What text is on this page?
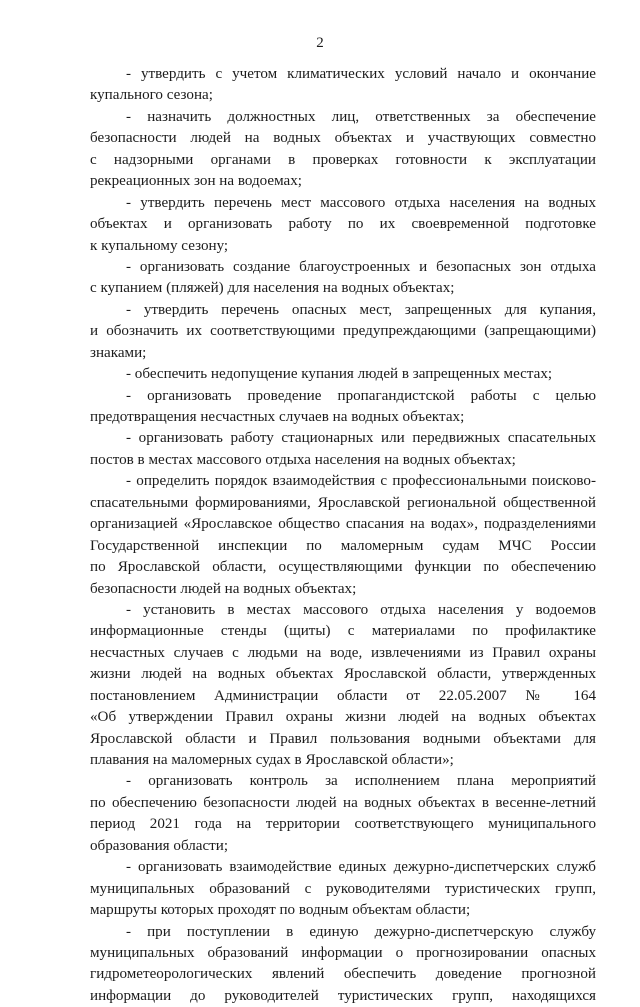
2
- утвердить с учетом климатических условий начало и окончание
купального сезона;
- назначить должностных лиц, ответственных за обеспечение
безопасности людей на водных объектах и участвующих совместно
с надзорными органами в проверках готовности к эксплуатации
рекреационных зон на водоемах;
- утвердить перечень мест массового отдыха населения на водных
объектах и организовать работу по их своевременной подготовке
к купальному сезону;
- организовать создание благоустроенных и безопасных зон отдыха
с купанием (пляжей) для населения на водных объектах;
- утвердить перечень опасных мест, запрещенных для купания,
и обозначить их соответствующими предупреждающими (запрещающими)
знаками;
- обеспечить недопущение купания людей в запрещенных местах;
- организовать проведение пропагандистской работы с целью
предотвращения несчастных случаев на водных объектах;
- организовать работу стационарных или передвижных спасательных
постов в местах массового отдыха населения на водных объектах;
- определить порядок взаимодействия с профессиональными поисково-
спасательными формированиями, Ярославской региональной общественной
организацией «Ярославское общество спасания на водах», подразделениями
Государственной инспекции по маломерным судам МЧС России
по Ярославской области, осуществляющими функции по обеспечению
безопасности людей на водных объектах;
- установить в местах массового отдыха населения у водоемов
информационные стенды (щиты) с материалами по профилактике
несчастных случаев с людьми на воде, извлечениями из Правил охраны
жизни людей на водных объектах Ярославской области, утвержденных
постановлением Администрации области от 22.05.2007 № 164
«Об утверждении Правил охраны жизни людей на водных объектах
Ярославской области и Правил пользования водными объектами для
плавания на маломерных судах в Ярославской области»;
- организовать контроль за исполнением плана мероприятий
по обеспечению безопасности людей на водных объектах в весенне-летний
период 2021 года на территории соответствующего муниципального
образования области;
- организовать взаимодействие единых дежурно-диспетчерских служб
муниципальных образований с руководителями туристических групп,
маршруты которых проходят по водным объектам области;
- при поступлении в единую дежурно-диспетчерскую службу
муниципальных образований информации о прогнозировании опасных
гидрометеорологических явлений обеспечить доведение прогнозной
информации до руководителей туристических групп, находящихся
